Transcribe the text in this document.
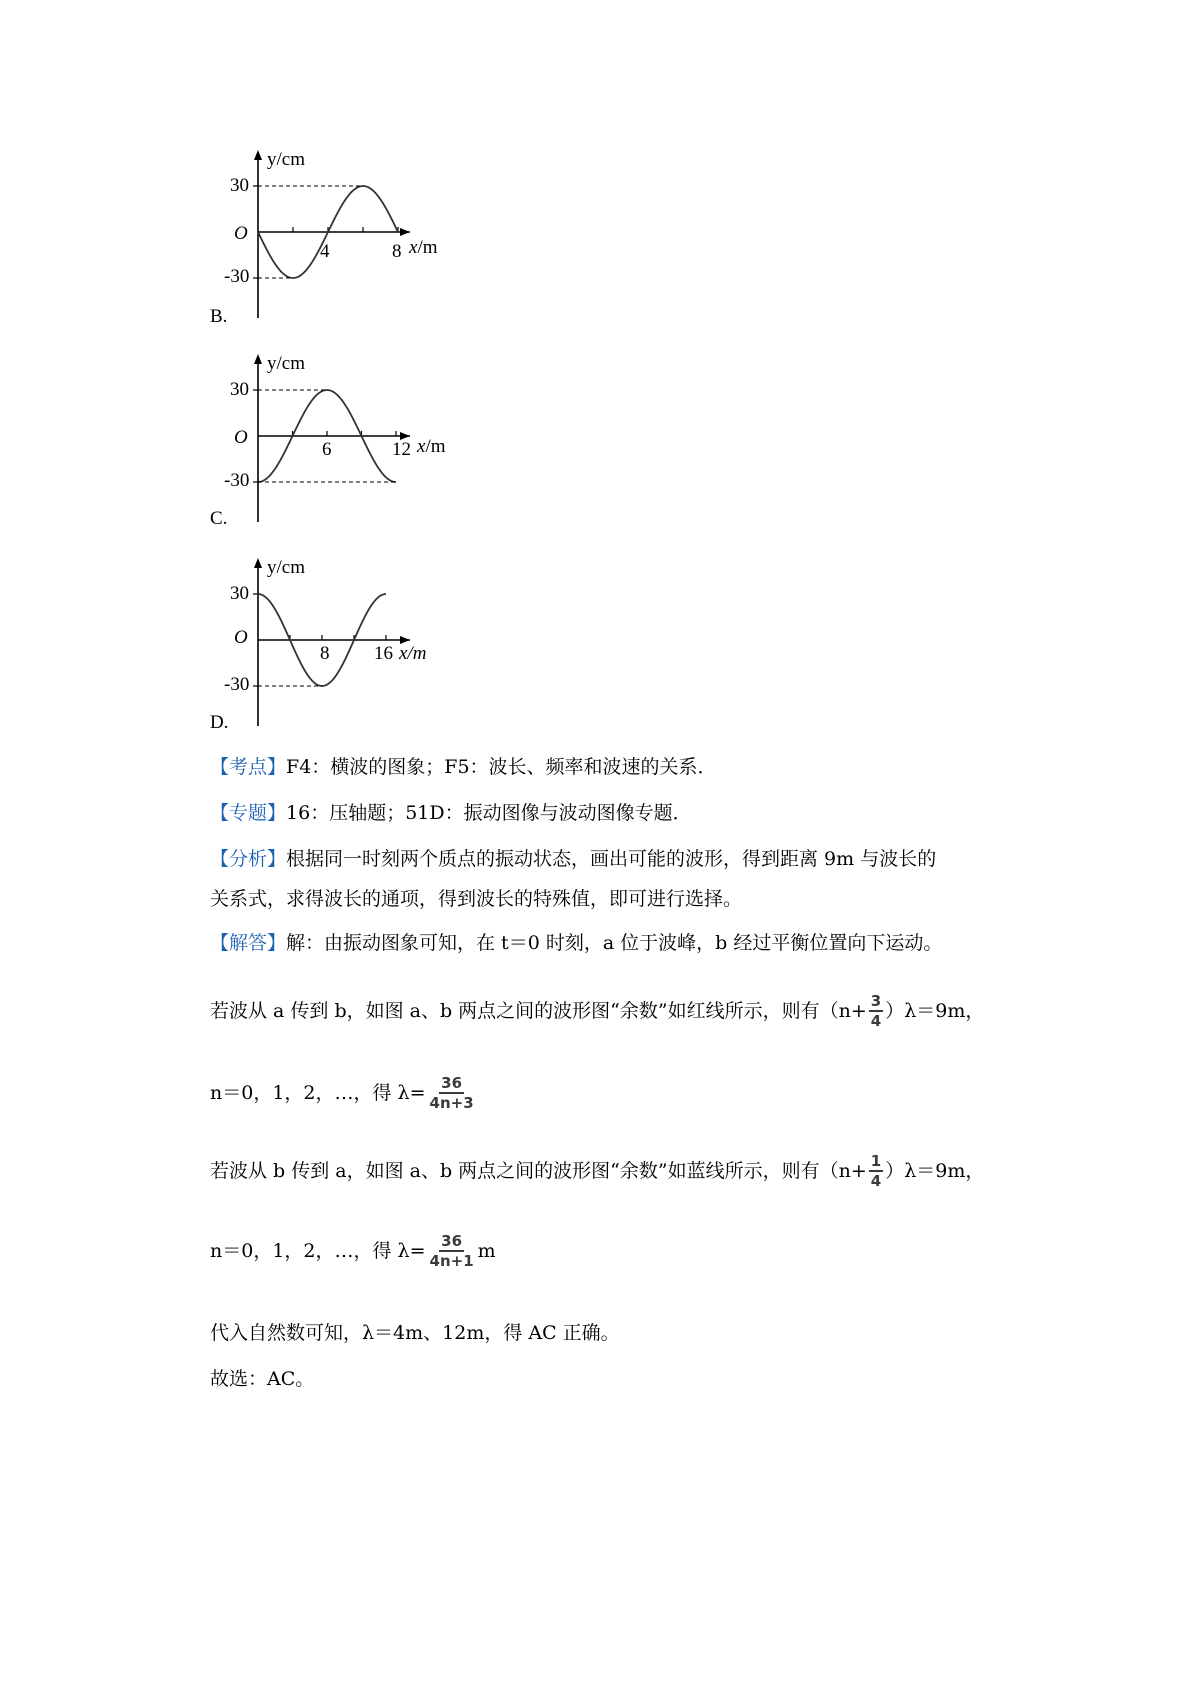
y/cm
30
O
4	8 x/m
-30
B.
y/cm
30
O
6	12 x/m
-30
C.
y/cm
30
O
8 16 x/m
-30
D.
【考点】F4：横波的图象；F5：波长、频率和波速的关系．
【专题】16：压轴题；51D：振动图像与波动图像专题．
【分析】根据同一时刻两个质点的振动状态，画出可能的波形，得到距离 9m 与波长的
关系式，求得波长的通项，得到波长的特殊值，即可进行选择。
【解答】解：由振动图象可知，在 t＝0 时刻，a 位于波峰，b 经过平衡位置向下运动。
若波从 a 传到 b，如图 a、b 两点之间的波形图“余数”如红线所示，则有$(n+ \frac{3}{4} )\lambda=9m$，
n＝0，1，2，…，得 $\lambda= \frac{36}{4n+3}$
若波从 b 传到 a，如图 a、b 两点之间的波形图“余数”如蓝线所示，则有$(n+ \frac{1}{4} )\lambda=9m$，
n＝0，1，2，…，得 $\lambda= \frac{36}{4n+1}$ m
代入自然数可知，λ＝4m、12m，得 AC 正确。
故选：AC。
